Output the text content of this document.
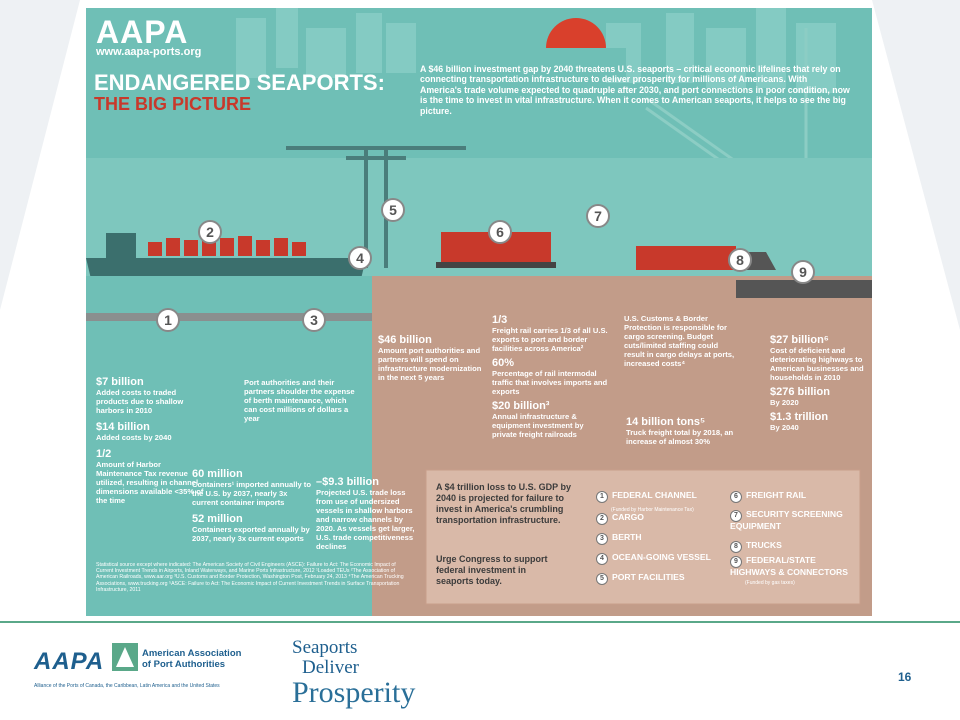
AAPA
www.aapa-ports.org
ENDANGERED SEAPORTS:
THE BIG PICTURE
A $46 billion investment gap by 2040 threatens U.S. seaports – critical economic lifelines that rely on connecting transportation infrastructure to deliver prosperity for millions of Americans. With America's trade volume expected to quadruple after 2030, and port connections in poor condition, now is the time to invest in vital infrastructure. When it comes to American seaports, it helps to see the big picture.
1
2
3
4
5
6
7
8
9
$7 billion
Added costs to traded products due to shallow harbors in 2010
$14 billion
Added costs by 2040
1/2
Amount of Harbor Maintenance Tax revenue utilized, resulting in channel dimensions available <35% of the time
60 million
Containers¹ imported annually to the U.S. by 2037, nearly 3x current container imports
52 million
Containers exported annually by 2037, nearly 3x current exports
Port authorities and their partners shoulder the expense of berth maintenance, which can cost millions of dollars a year
–$9.3 billion
Projected U.S. trade loss from use of undersized vessels in shallow harbors and narrow channels by 2020. As vessels get larger, U.S. trade competitiveness declines
$46 billion
Amount port authorities and partners will spend on infrastructure modernization in the next 5 years
1/3
Freight rail carries 1/3 of all U.S. exports to port and border facilities across America²
60%
Percentage of rail intermodal traffic that involves imports and exports
$20 billion³
Annual infrastructure & equipment investment by private freight railroads
U.S. Customs & Border Protection is responsible for cargo screening. Budget cuts/limited staffing could result in cargo delays at ports, increased costs⁴
14 billion tons⁵
Truck freight total by 2018, an increase of almost 30%
$27 billion⁶
Cost of deficient and deteriorating highways to American businesses and households in 2010
$276 billion
By 2020
$1.3 trillion
By 2040
Statistical source except where indicated: The American Society of Civil Engineers (ASCE): Failure to Act: The Economic Impact of Current Investment Trends in Airports, Inland Waterways, and Marine Ports Infrastructure, 2012 ¹Loaded TEUs ²The Association of American Railroads, www.aar.org ³U.S. Customs and Border Protection, Washington Post, February 24, 2013 ⁴The American Trucking Associations, www.trucking.org ⁵ASCE: Failure to Act: The Economic Impact of Current Investment Trends in Surface Transportation Infrastructure, 2011
A $4 trillion loss to U.S. GDP by 2040 is projected for failure to invest in America's crumbling transportation infrastructure.
Urge Congress to support federal investment in seaports today.
1 FEDERAL CHANNEL
(Funded by Harbor Maintenance Tax)
2 CARGO
3 BERTH
4 OCEAN-GOING VESSEL
5 PORT FACILITIES
6 FREIGHT RAIL
7 SECURITY SCREENING EQUIPMENT
8 TRUCKS
9 FEDERAL/STATE HIGHWAYS & CONNECTORS
(Funded by gas taxes)
AAPA	American Association
of Port Authorities
Alliance of the Ports of Canada, the Caribbean, Latin America and the United States
Seaports
Deliver
Prosperity	16
